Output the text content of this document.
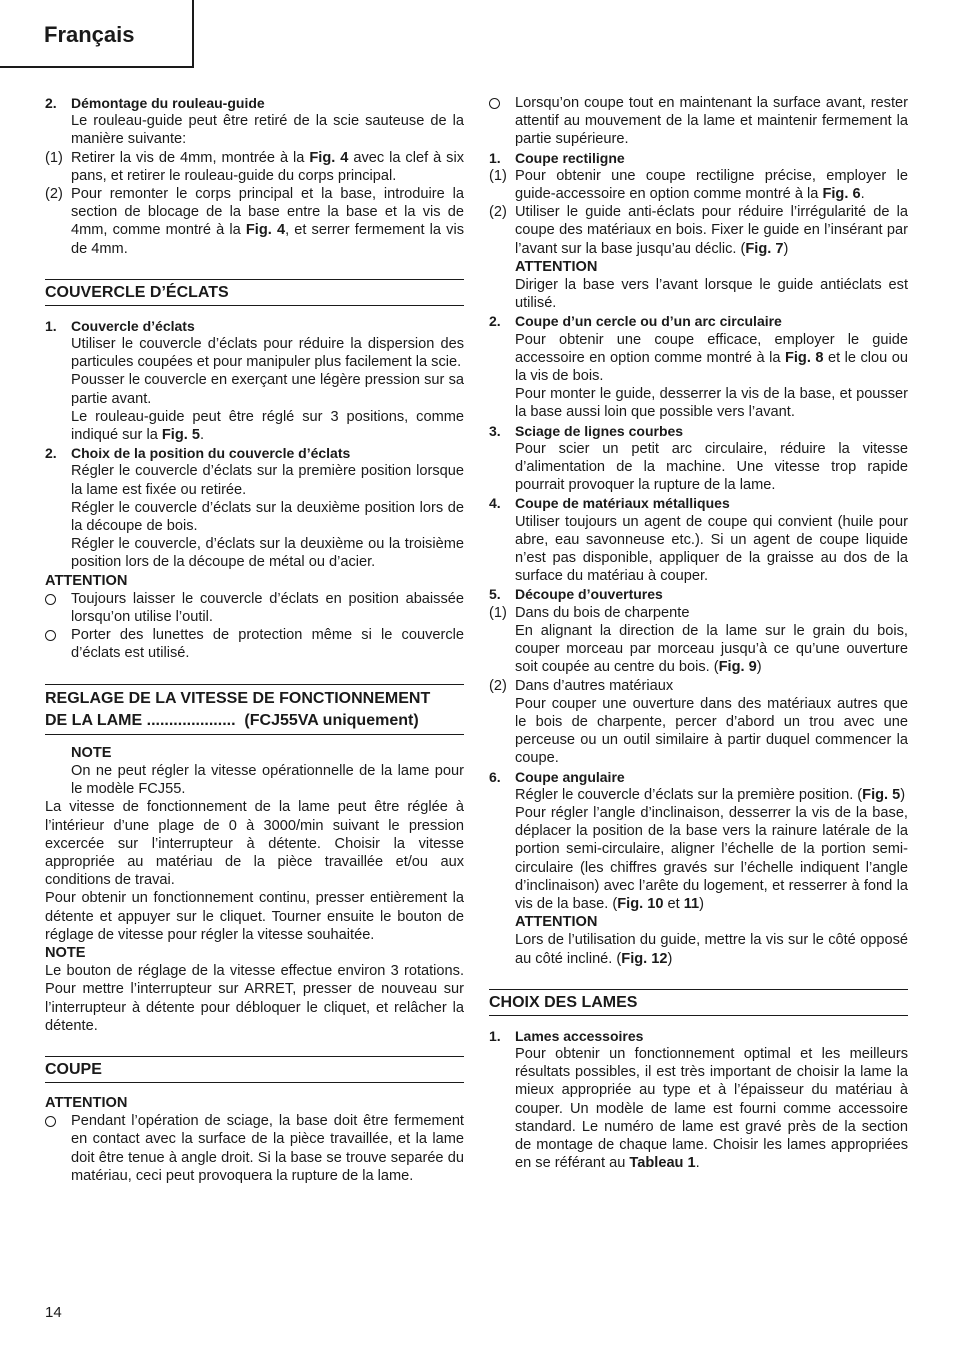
Français

2. Démontage du rouleau-guide

Le rouleau-guide peut être retiré de la scie sauteuse de la manière suivante:

(1) Retirer la vis de 4mm, montrée à la Fig. 4 avec la clef à six pans, et retirer le rouleau-guide du corps principal.

(2) Pour remonter le corps principal et la base, introduire la section de blocage de la base entre la base et la vis de 4mm, comme montré à la Fig. 4, et serrer fermement la vis de 4mm.

COUVERCLE D’ÉCLATS

1. Couvercle d’éclats

Utiliser le couvercle d’éclats pour réduire la dispersion des particules coupées et pour manipuler plus facilement la scie.

Pousser le couvercle en exerçant une légère pression sur sa partie avant.

Le rouleau-guide peut être réglé sur 3 positions, comme indiqué sur la Fig. 5.

2. Choix de la position du couvercle d’éclats

Régler le couvercle d’éclats sur la première position lorsque la lame est fixée ou retirée.

Régler le couvercle d’éclats sur la deuxième position lors de la découpe de bois.

Régler le couvercle, d’éclats sur la deuxième ou la troisième position lors de la découpe de métal ou d’acier.

ATTENTION

Toujours laisser le couvercle d’éclats en position abaissée lorsqu’on utilise l’outil.

Porter des lunettes de protection même si le couvercle d’éclats est utilisé.

REGLAGE DE LA VITESSE DE FONCTIONNEMENT
DE LA LAME ....................  (FCJ55VA uniquement)

NOTE

On ne peut régler la vitesse opérationnelle de la lame pour le modèle FCJ55.

La vitesse de fonctionnement de la lame peut être réglée à l’intérieur d’une plage de 0 à 3000/min suivant le pression excercée sur l’interrupteur à détente. Choisir la vitesse appropriée au matériau de la pièce travaillée et/ou aux conditions de travai.

Pour obtenir un fonctionnement continu, presser entièrement la détente et appuyer sur le cliquet. Tourner ensuite le bouton de réglage de vitesse pour régler la vitesse souhaitée.

NOTE

Le bouton de réglage de la vitesse effectue environ 3 rotations. Pour mettre l’interrupteur sur ARRET, presser de nouveau sur l’interrupteur à détente pour débloquer le cliquet, et relâcher la détente.

COUPE

ATTENTION

Pendant l’opération de sciage, la base doit être fermement en contact avec la surface de la pièce travaillée, et la lame doit être tenue à angle droit. Si la base se trouve separée du matériau, ceci peut provoquera la rupture de la lame.

Lorsqu’on coupe tout en maintenant la surface avant, rester attentif au mouvement de la lame et maintenir fermement la partie supérieure.

1. Coupe rectiligne

(1) Pour obtenir une coupe rectiligne précise, employer le guide-accessoire en option comme montré à la Fig. 6.

(2) Utiliser le guide anti-éclats pour réduire l’irrégularité de la coupe des matériaux en bois. Fixer le guide en l’insérant par l’avant sur la base jusqu’au déclic. (Fig. 7)

ATTENTION

Diriger la base vers l’avant lorsque le guide antiéclats est utilisé.

2. Coupe d’un cercle ou d’un arc circulaire

Pour obtenir une coupe efficace, employer le guide accessoire en option comme montré à la Fig. 8 et le clou ou la vis de bois.

Pour monter le guide, desserrer la vis de la base, et pousser la base aussi loin que possible vers l’avant.

3. Sciage de lignes courbes

Pour scier un petit arc circulaire, réduire la vitesse d’alimentation de la machine. Une vitesse trop rapide pourrait provoquer la rupture de la lame.

4. Coupe de matériaux métalliques

Utiliser toujours un agent de coupe qui convient (huile pour abre, eau savonneuse etc.). Si un agent de coupe liquide n’est pas disponible, appliquer de la graisse au dos de la surface du matériau à couper.

5. Découpe d’ouvertures

(1) Dans du bois de charpente

En alignant la direction de la lame sur le grain du bois, couper morceau par morceau jusqu’à ce qu’une ouverture soit coupée au centre du bois. (Fig. 9)

(2) Dans d’autres matériaux

Pour couper une ouverture dans des matériaux autres que le bois de charpente, percer d’abord un trou avec une perceuse ou un outil similaire à partir duquel commencer la coupe.

6. Coupe angulaire

Régler le couvercle d’éclats sur la première position. (Fig. 5)

Pour régler l’angle d’inclinaison, desserrer la vis de la base, déplacer la position de la base vers la rainure latérale de la portion semi-circulaire, aligner l’échelle de la portion semi-circulaire (les chiffres gravés sur l’échelle indiquent l’angle d’inclinaison) avec l’arête du logement, et resserrer à fond la vis de la base. (Fig. 10 et 11)

ATTENTION

Lors de l’utilisation du guide, mettre la vis sur le côté opposé au côté incliné. (Fig. 12)

CHOIX DES LAMES

1. Lames accessoires

Pour obtenir un fonctionnement optimal et les meilleurs résultats possibles, il est très important de choisir la lame la mieux appropriée au type et à l’épaisseur du matériau à couper. Un modèle de lame est fourni comme accessoire standard. Le numéro de lame est gravé près de la section de montage de chaque lame. Choisir les lames appropriées en se référant au Tableau 1.

14
